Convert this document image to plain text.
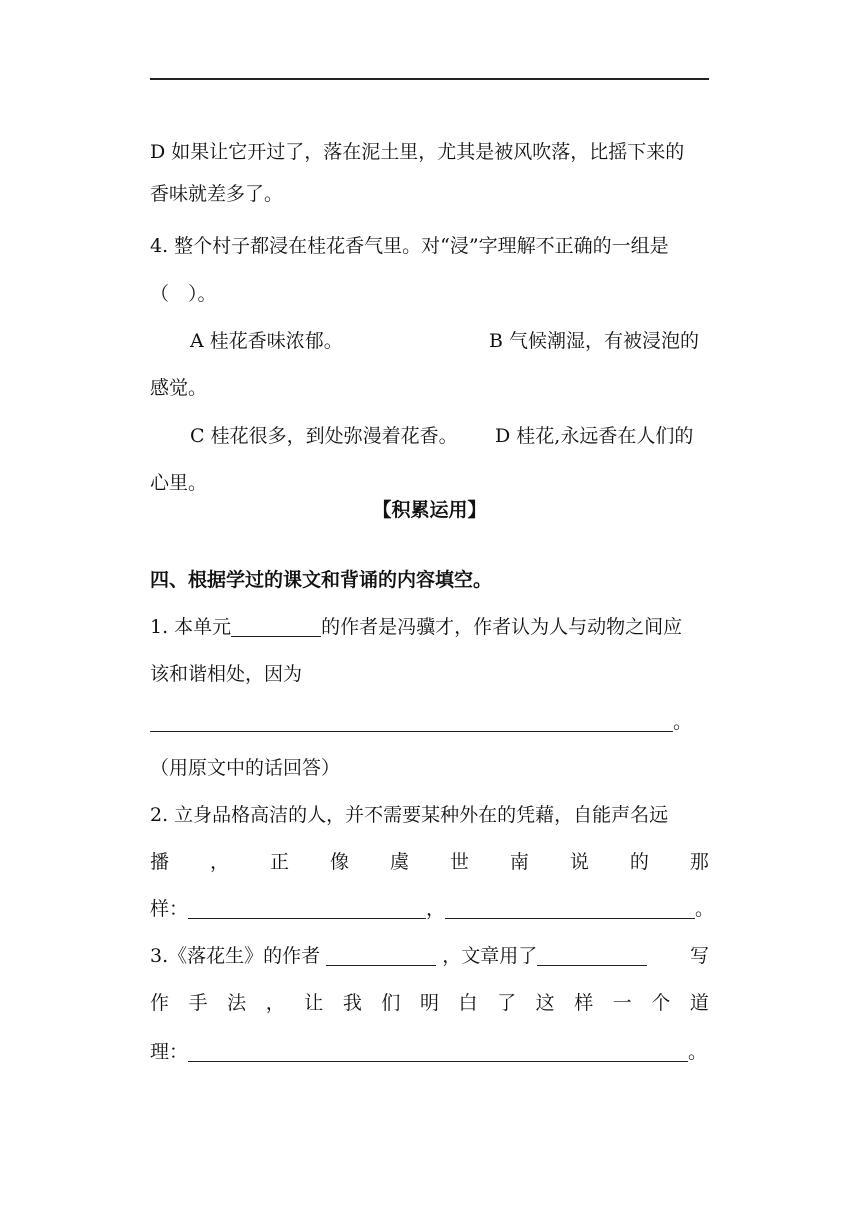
D 如果让它开过了，落在泥土里，尤其是被风吹落，比摇下来的
香味就差多了。
4. 整个村子都浸在桂花香气里。对“浸”字理解不正确的一组是
（　）。
A 桂花香味浓郁。	B 气候潮湿，有被浸泡的
感觉。
C 桂花很多，到处弥漫着花香。 D 桂花,永远香在人们的
心里。
【积累运用】
四、根据学过的课文和背诵的内容填空。
1. 本单元	的作者是冯骥才，作者认为人与动物之间应
该和谐相处，因为
。
（用原文中的话回答）
2. 立身品格高洁的人，并不需要某种外在的凭藉，自能声名远
播 ， 正 像 虞 世 南 说 的 那
样：	，	。
3.《落花生》的作者	，文章用了	写
作 手 法 ， 让 我 们 明 白 了 这 样 一 个 道
理：	。
